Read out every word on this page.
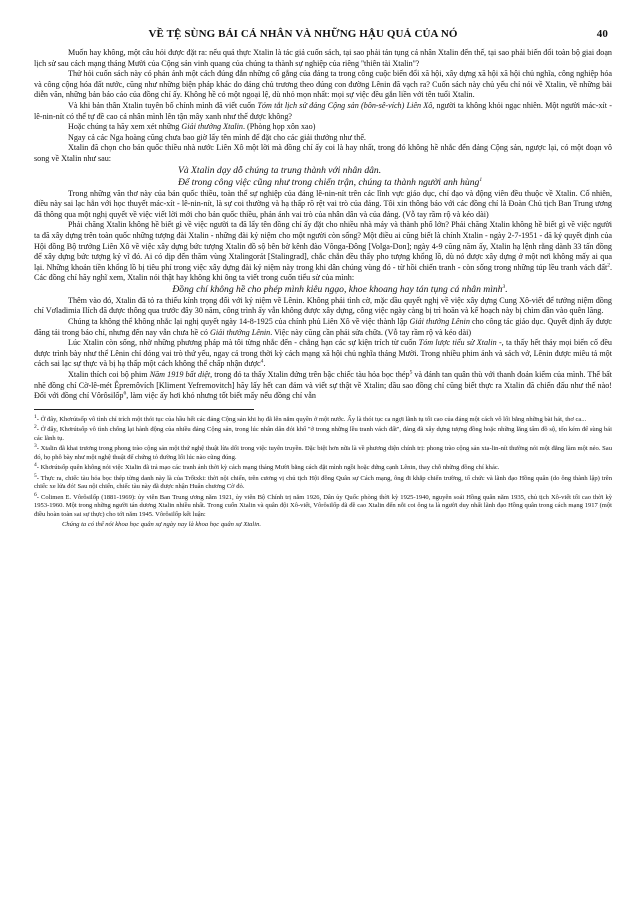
VỀ TỆ SÙNG BÁI CÁ NHÂN VÀ NHỮNG HẬU QUẢ CỦA NÓ	40

Muốn hay không, một câu hỏi được đặt ra: nếu quả thực Xtalin là tác giả cuốn sách, tại sao phải tán tụng cá nhân Xtalin đến thế, tại sao phải biến đổi toàn bộ giai đoạn lịch sử sau cách mạng tháng Mười của Cộng sản vinh quang của chúng ta thành sự nghiệp của riêng ''thiên tài Xtalin''?

Thử hỏi cuốn sách này có phản ánh một cách đúng đắn những cố gắng của đảng ta trong công cuộc biến đổi xã hội, xây dựng xã hội xã hội chủ nghĩa, công nghiệp hóa và công cộng hóa đất nước, cũng như những biện pháp khác do đảng chủ trương theo đúng con đường Lênin đã vạch ra? Cuốn sách này chủ yếu chỉ nói về Xtalin, về những bài diễn văn, những bản báo cáo của đồng chí ấy. Không hề có một ngoại lệ, dù nhỏ mọn nhất: mọi sự việc đều gắn liền với tên tuổi Xtalin.

Và khi bản thân Xtalin tuyên bố chính mình đã viết cuốn Tóm tắt lịch sử đảng Cộng sản (bôn-sê-vích) Liên Xô, người ta không khỏi ngạc nhiên. Một người mác-xít - lê-nin-nít có thể tự đề cao cá nhân mình lên tận mây xanh như thế được không?

Hoặc chúng ta hãy xem xét những Giải thưởng Xtalin. (Phòng họp xôn xao)

Ngay cả các Nga hoàng cũng chưa bao giờ lấy tên mình để đặt cho các giải thưởng như thế.

Xtalin đã chọn cho bản quốc thiều nhà nước Liên Xô một lời mà đồng chí ấy coi là hay nhất, trong đó không hề nhắc đến đảng Cộng sản, ngược lại, có một đoạn vô song về Xtalin như sau:

Và Xtalin dạy dỗ chúng ta trung thành với nhân dân.

Để trong công việc cũng như trong chiến trận, chúng ta thành người anh hùng$^1$

Trong những văn thơ này của bản quốc thiều, toàn thể sự nghiệp của đảng lê-nin-nít trên các lĩnh vực giáo dục, chỉ đạo và động viên đều thuộc về Xtalin. Cố nhiên, điều này sai lạc hẳn với học thuyết mác-xít - lê-nin-nít, là sự coi thường và hạ thấp rõ rệt vai trò của đảng. Tôi xin thông báo với các đồng chí là Đoàn Chủ tịch Ban Trung ương đã thông qua một nghị quyết về việc viết lời mới cho bản quốc thiều, phản ánh vai trò của nhân dân và của đảng. (Vỗ tay rầm rộ và kéo dài)

Phải chăng Xtalin không hề biết gì về việc người ta đã lấy tên đồng chí ấy đặt cho nhiều nhà máy và thành phố lớn? Phải chăng Xtalin không hề biết gì về việc người ta đã xây dựng trên toàn quốc những tượng đài Xtalin - những đài kỷ niệm cho một người còn sống? Một điều ai cũng biết là chính Xtalin - ngày 2-7-1951 - đã ký quyết định của Hội đồng Bộ trưởng Liên Xô về việc xây dựng bức tượng Xtalin đồ sộ bên bờ kênh đào Vônga-Đông [Volga-Don]; ngày 4-9 cũng năm ấy, Xtalin hạ lệnh rằng dành 33 tấn đồng để xây dựng bức tượng kỷ vĩ đó. Ai có dịp đến thăm vùng Xtalingorát [Stalingrad], chắc chắn đều thấy pho tượng khổng lồ, dù nó được xây dựng ở một nơi không mấy ai qua lại. Những khoản tiền khổng lồ bị tiêu phí trong việc xây dựng đài kỷ niệm này trong khi dân chúng vùng đó - từ hồi chiến tranh - còn sống trong những túp lều tranh vách đất$^2$. Các đồng chí hãy nghĩ xem, Xtalin nói thật hay không khi ông ta viết trong cuốn tiểu sử của mình:

Đồng chí không hề cho phép mình kiêu ngạo, khoe khoang hay tán tụng cá nhân mình$^3$.

Thêm vào đó, Xtalin đã tỏ ra thiếu kính trọng đối với kỷ niệm về Lênin. Không phải tình cờ, mặc dầu quyết nghị về việc xây dựng Cung Xô-viết để tưởng niệm đồng chí Vơladimia Ilích đã được thông qua trước đây 30 năm, công trình ấy vẫn không được xây dựng, công việc ngày càng bị trì hoãn và kế hoạch này bị chìm dần vào quên lãng.

Chúng ta không thể không nhắc lại nghị quyết ngày 14-8-1925 của chính phủ Liên Xô về việc thành lập Giải thưởng Lênin cho công tác giáo dục. Quyết định ấy được đăng tải trong báo chí, nhưng đến nay vẫn chưa hề có Giải thưởng Lênin. Việc này cũng cần phải sửa chữa. (Vỗ tay rầm rộ và kéo dài)

Lúc Xtalin còn sống, nhờ những phương pháp mà tôi từng nhắc đến - chẳng hạn các sự kiện trích từ cuốn Tóm lược tiểu sử Xtalin -, ta thấy hết thảy mọi biến cố đều được trình bày như thể Lênin chỉ đóng vai trò thứ yếu, ngay cả trong thời kỳ cách mạng xã hội chủ nghĩa tháng Mười. Trong nhiều phim ảnh và sách vở, Lênin được miêu tả một cách sai lạc sự thực và bị hạ thấp một cách không thể chấp nhận được$^4$.

Xtalin thích coi bộ phim Năm 1919 bất diệt, trong đó ta thấy Xtalin đứng trên bậc chiếc tàu hỏa bọc thép$^5$ và đánh tan quân thù với thanh đoản kiếm của mình. Thế bất nhẽ đồng chí Cờ-lê-mét Êpremôvích [Kliment Yefremovitch] hãy lấy hết can đảm và viết sự thật về Xtalin; dầu sao đồng chí cũng biết thực ra Xtalin đã chiến đấu như thế nào! Đối với đồng chí Vôrôsilốp$^6$, làm việc ấy hơi khó nhưng tốt biết mấy nếu đồng chí vẫn

$^1$- Ở đây, Khơrútsốp vô tình chỉ trích một thói tục của hầu hết các đảng Cộng sản khi họ đã lên nắm quyền ở một nước. Ấy là thói tục ca ngợi lãnh tụ tối cao của đảng một cách vô lối bằng những bài hát, thơ ca...

$^2$- Ở đây, Khơrútsốp vô tình chống lại hành động của nhiều đảng Cộng sản, trong lúc nhân dân đói khổ ''ở trong những lều tranh vách đất'', đảng đã xây dựng tượng đồng hoặc những lăng tẩm đồ sộ, tốn kém để sùng bái các lãnh tụ.

$^3$- Xtalin đã khai trương trong phong trào cộng sản một thứ nghệ thuật lừa dối trong việc tuyên truyền. Đặc biệt hơn nữa là về phương diện chính trị: phong trào cộng sản xta-lin-nít thường nói một đằng làm một nẻo. Sau đó, họ phô bày như một nghệ thuật để chứng tỏ đường lối lúc nào cũng đúng.

$^4$- Khơrútsốp quên không nói việc Xtalin đã trả mạo các tranh ảnh thời kỳ cách mạng tháng Mười bằng cách đặt mình ngồi hoặc đứng cạnh Lênin, thay chỗ những đồng chí khác.

$^5$- Thực ra, chiếc tàu hỏa bọc thép từng danh này là của Trốtxki: thời nội chiến, trên cương vị chủ tịch Hội đồng Quân sự Cách mạng, ông đi khắp chiến trường, tổ chức và lãnh đạo Hồng quân (do ông thành lập) trên chiếc xe lửa đó! Sau nội chiến, chiếc tàu này đã được nhận Huân chương Cờ đỏ.

$^6$- Colimen E. Vôrôsilốp (1881-1969): ủy viên Ban Trung ương năm 1921, ủy viên Bộ Chính trị năm 1926, Dân ủy Quốc phòng thời kỳ 1925-1940, nguyên soái Hồng quân năm 1935, chủ tịch Xô-viết tối cao thời kỳ 1953-1960. Một trong những người tán dương Xtalin nhiều nhất. Trong cuốn Xtalin và quân đội Xô-viết, Vôrôsilốp đã đề cao Xtalin đến nỗi coi ông ta là người duy nhất lãnh đạo Hồng quân trong cách mạng 1917 (một điều hoàn toàn sai sự thực) cho tới năm 1945. Vôrôsilốp kết luận:

Chúng ta có thể nói khoa học quân sự ngày nay là khoa học quân sự Xtalin.
